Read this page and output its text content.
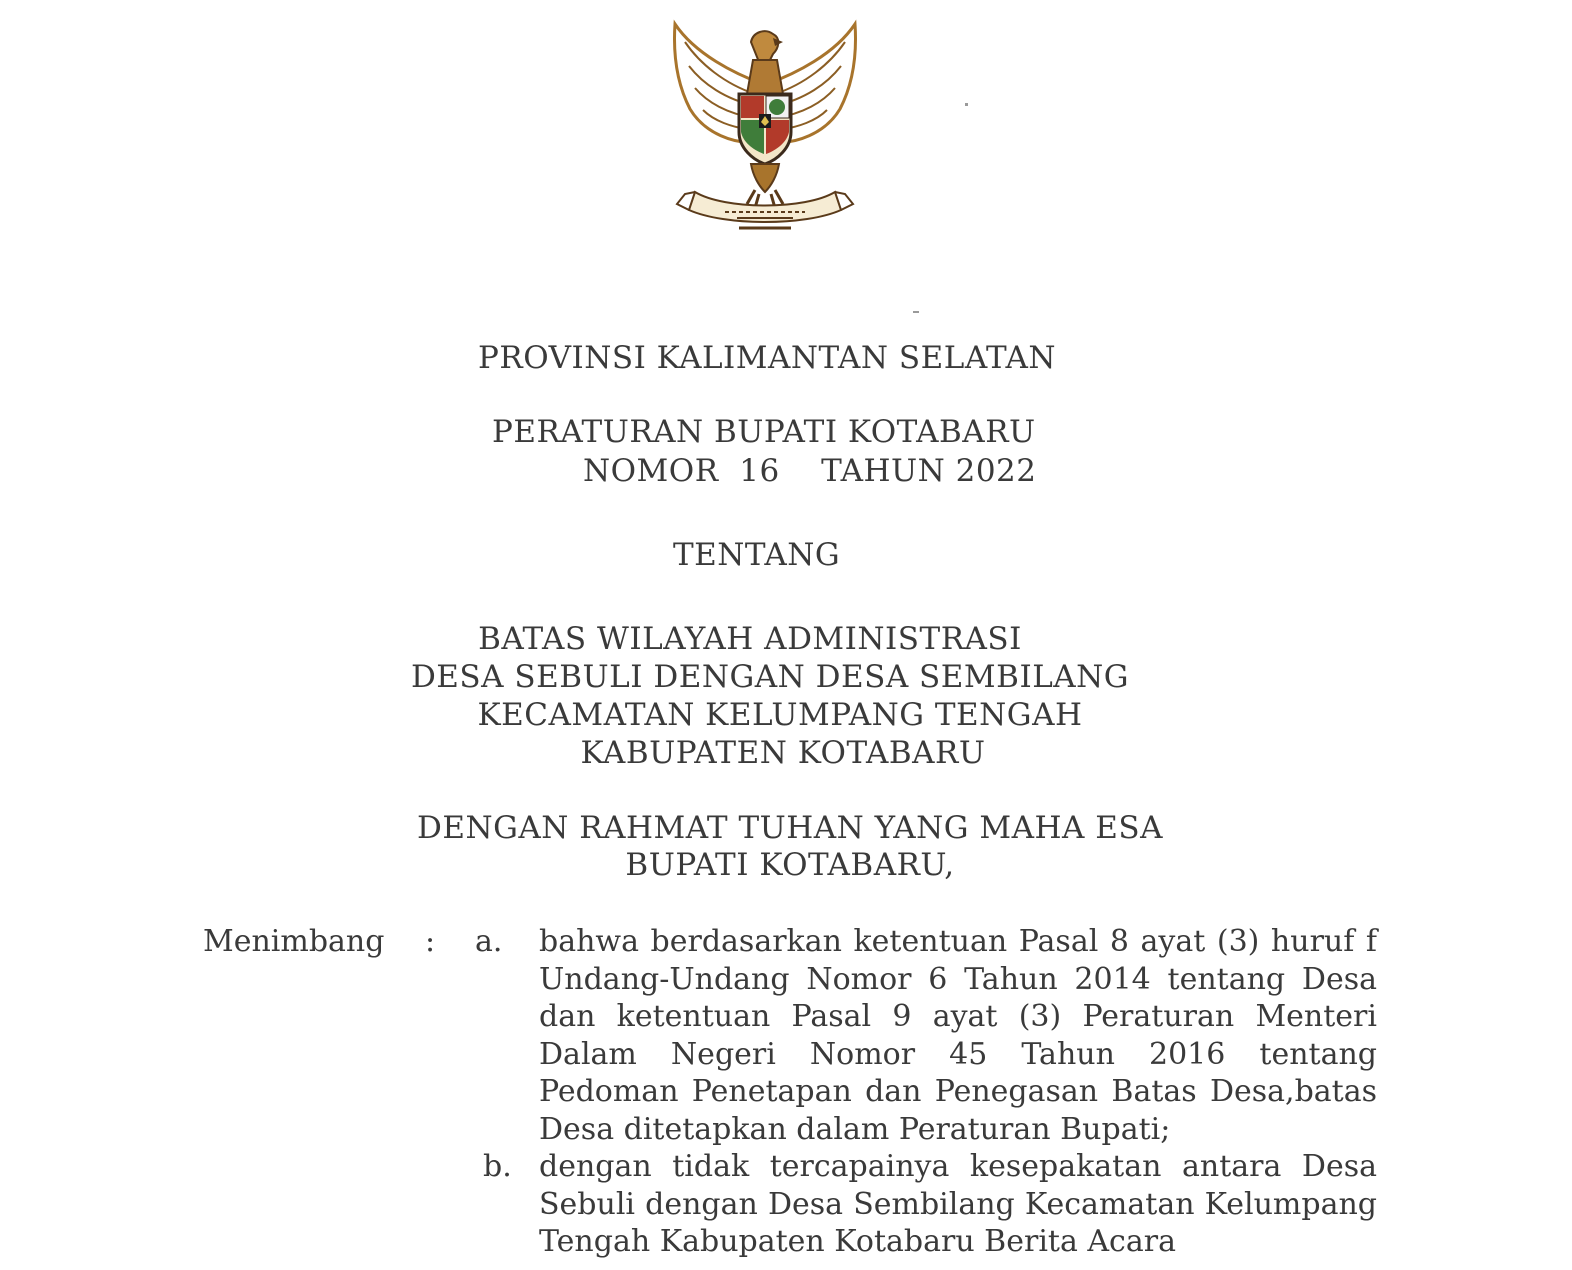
PROVINSI KALIMANTAN SELATAN
PERATURAN BUPATI KOTABARU
NOMOR  16    TAHUN 2022
TENTANG
BATAS WILAYAH ADMINISTRASI
DESA SEBULI DENGAN DESA SEMBILANG
KECAMATAN KELUMPANG TENGAH
KABUPATEN KOTABARU
DENGAN RAHMAT TUHAN YANG MAHA ESA
BUPATI KOTABARU,
Menimbang : a. bahwa berdasarkan ketentuan Pasal 8 ayat (3) huruf f Undang-Undang Nomor 6 Tahun 2014 tentang Desa dan ketentuan Pasal 9 ayat (3) Peraturan Menteri Dalam Negeri Nomor 45 Tahun 2016 tentang Pedoman Penetapan dan Penegasan Batas Desa,batas Desa ditetapkan dalam Peraturan Bupati;
b. dengan tidak tercapainya kesepakatan antara Desa Sebuli dengan Desa Sembilang Kecamatan Kelumpang Tengah Kabupaten Kotabaru Berita Acara
